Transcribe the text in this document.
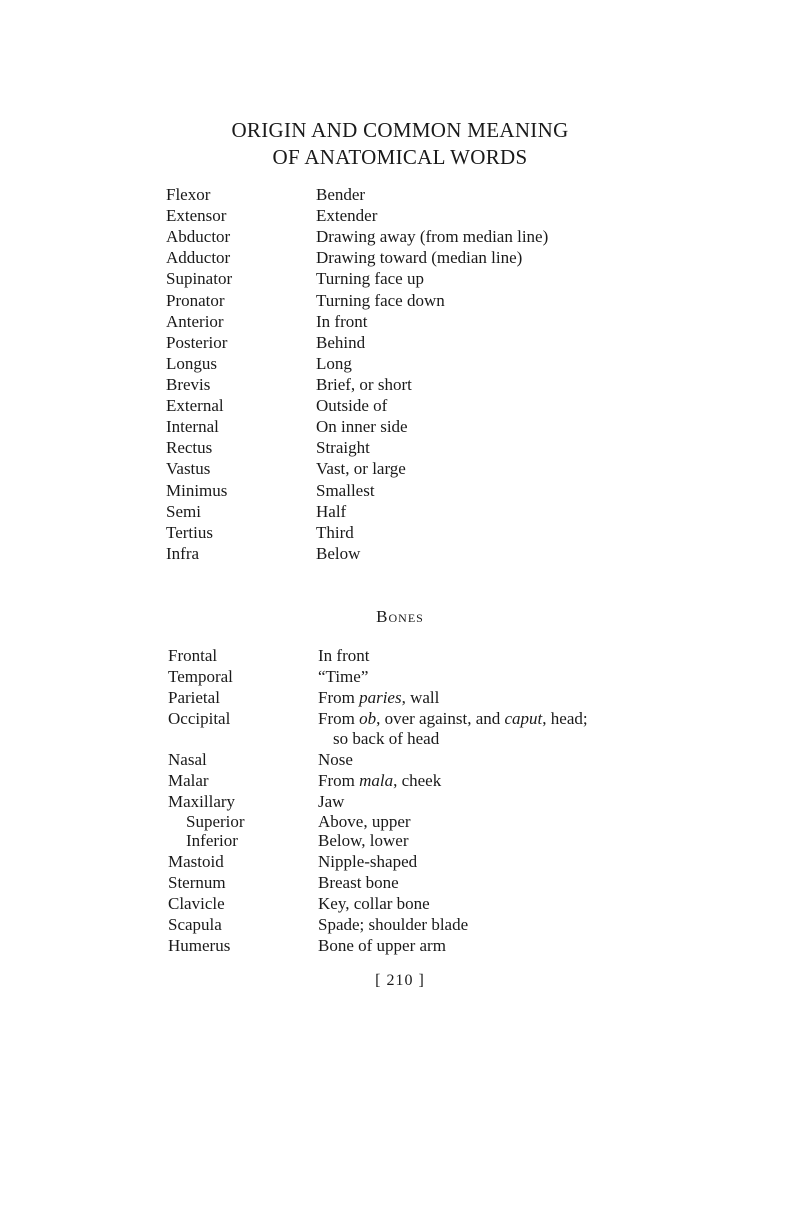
ORIGIN AND COMMON MEANING
OF ANATOMICAL WORDS
Flexor	Bender
Extensor	Extender
Abductor	Drawing away (from median line)
Adductor	Drawing toward (median line)
Supinator	Turning face up
Pronator	Turning face down
Anterior	In front
Posterior	Behind
Longus	Long
Brevis	Brief, or short
External	Outside of
Internal	On inner side
Rectus	Straight
Vastus	Vast, or large
Minimus	Smallest
Semi	Half
Tertius	Third
Infra	Below
Bones
Frontal	In front
Temporal	“Time”
Parietal	From paries, wall
Occipital	From ob, over against, and caput, head;
so back of head
Nasal	Nose
Malar	From mala, cheek
Maxillary	Jaw
Superior	Above, upper
Inferior	Below, lower
Mastoid	Nipple-shaped
Sternum	Breast bone
Clavicle	Key, collar bone
Scapula	Spade; shoulder blade
Humerus	Bone of upper arm
[ 210 ]
